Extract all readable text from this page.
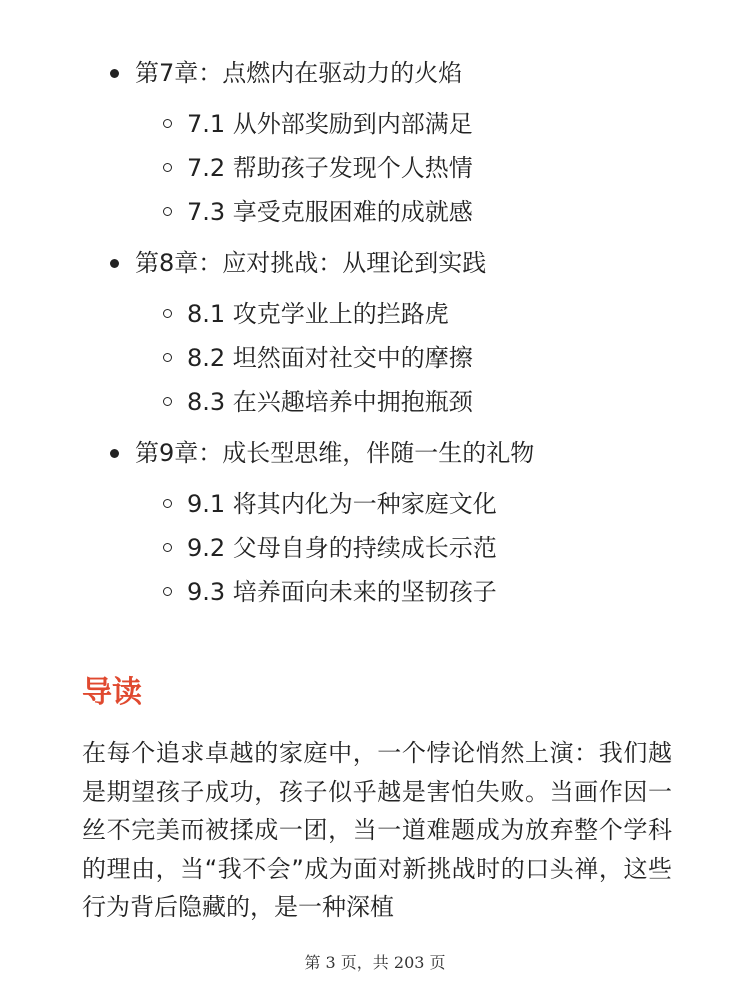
第7章：点燃内在驱动力的火焰
7.1 从外部奖励到内部满足
7.2 帮助孩子发现个人热情
7.3 享受克服困难的成就感
第8章：应对挑战：从理论到实践
8.1 攻克学业上的拦路虎
8.2 坦然面对社交中的摩擦
8.3 在兴趣培养中拥抱瓶颈
第9章：成长型思维，伴随一生的礼物
9.1 将其内化为一种家庭文化
9.2 父母自身的持续成长示范
9.3 培养面向未来的坚韧孩子
导读

在每个追求卓越的家庭中，一个悖论悄然上演：我们越是期望孩子成功，孩子似乎越是害怕失败。当画作因一丝不完美而被揉成一团，当一道难题成为放弃整个学科的理由，当“我不会”成为面对新挑战时的口头禅，这些行为背后隐藏的，是一种深植

第 3 页，共 203 页
